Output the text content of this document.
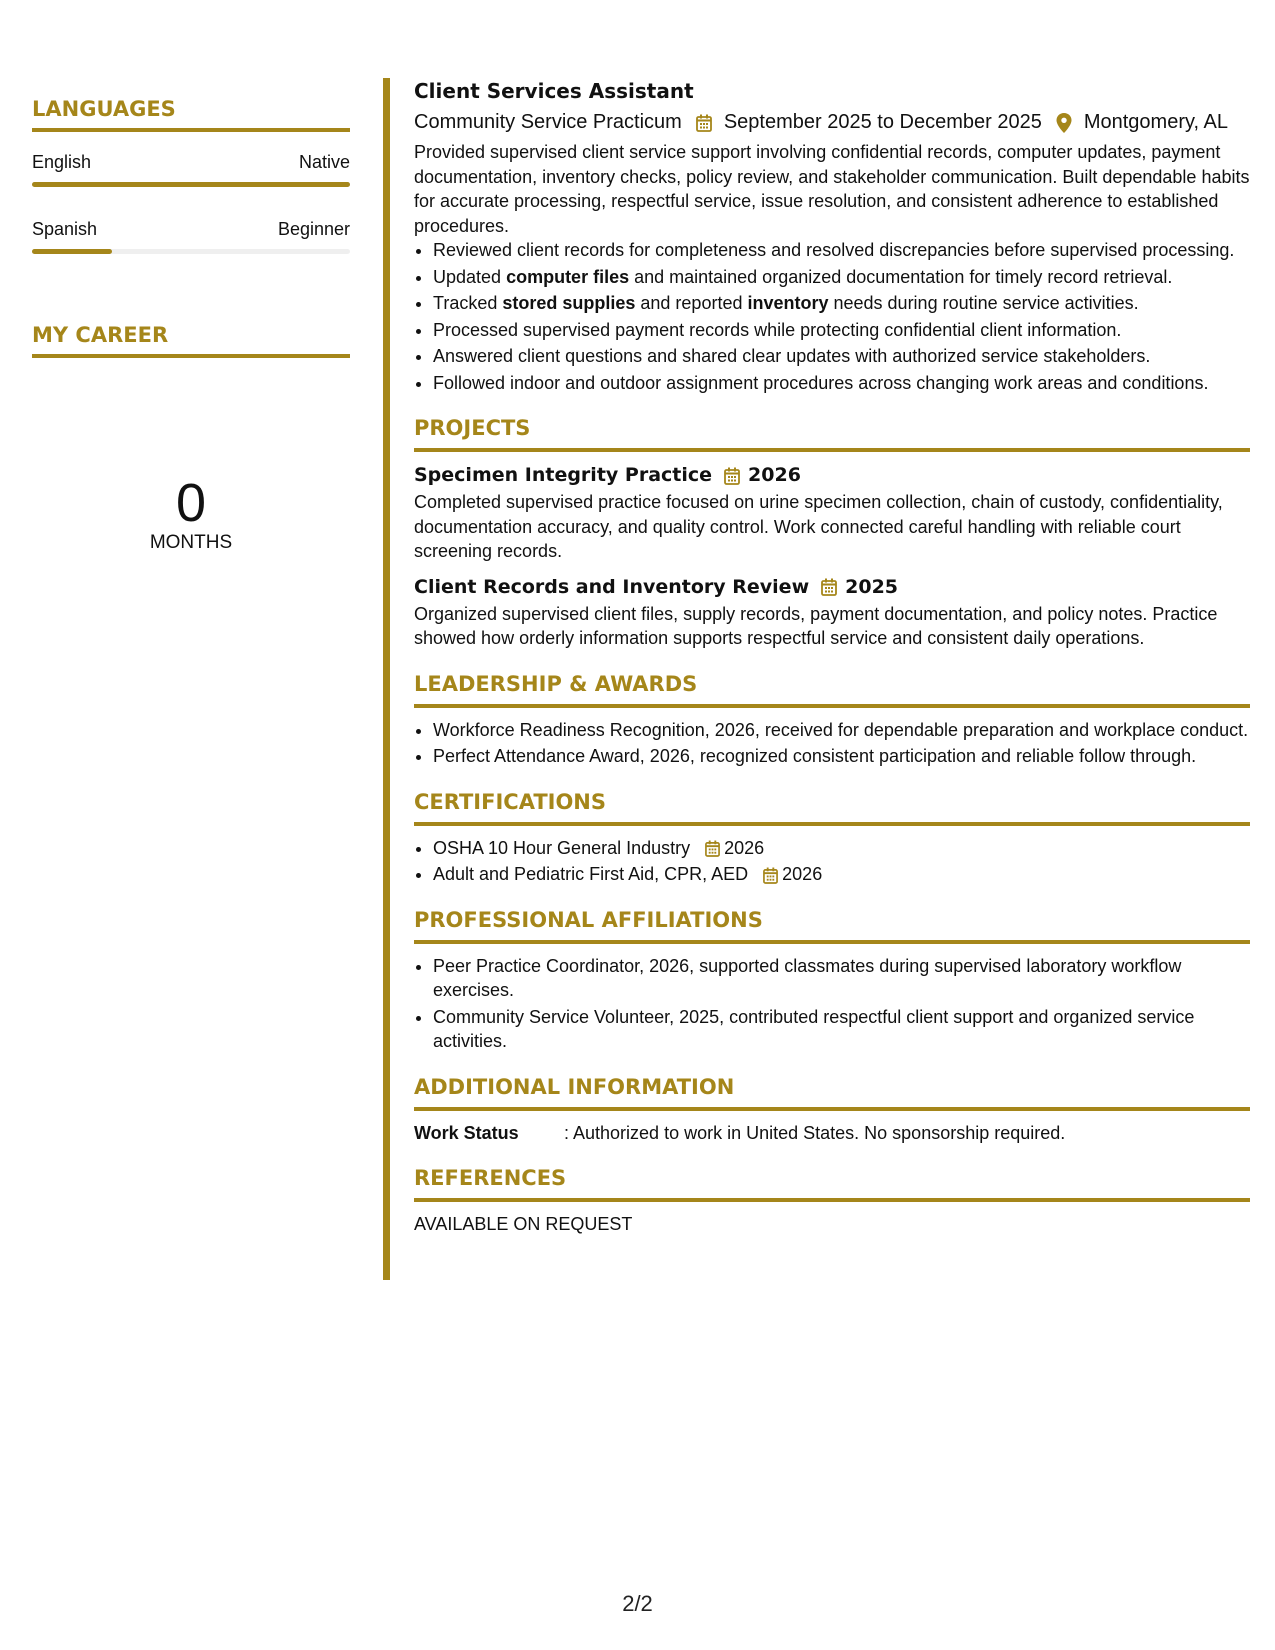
LANGUAGES
English	Native
Spanish	Beginner
MY CAREER
0
MONTHS
Client Services Assistant
Community Service Practicum September 2025 to December 2025 Montgomery, AL

Provided supervised client service support involving confidential records, computer updates, payment documentation, inventory checks, policy review, and stakeholder communication. Built dependable habits for accurate processing, respectful service, issue resolution, and consistent adherence to established procedures.

• Reviewed client records for completeness and resolved discrepancies before supervised processing.
• Updated computer files and maintained organized documentation for timely record retrieval.
• Tracked stored supplies and reported inventory needs during routine service activities.
• Processed supervised payment records while protecting confidential client information.
• Answered client questions and shared clear updates with authorized service stakeholders.
• Followed indoor and outdoor assignment procedures across changing work areas and conditions.
PROJECTS
Specimen Integrity Practice 2026

Completed supervised practice focused on urine specimen collection, chain of custody, confidentiality, documentation accuracy, and quality control. Work connected careful handling with reliable court screening records.

Client Records and Inventory Review 2025

Organized supervised client files, supply records, payment documentation, and policy notes. Practice showed how orderly information supports respectful service and consistent daily operations.

LEADERSHIP & AWARDS
• Workforce Readiness Recognition, 2026, received for dependable preparation and workplace conduct.
• Perfect Attendance Award, 2026, recognized consistent participation and reliable follow through.
CERTIFICATIONS
• OSHA 10 Hour General Industry 2026
• Adult and Pediatric First Aid, CPR, AED 2026
PROFESSIONAL AFFILIATIONS
• Peer Practice Coordinator, 2026, supported classmates during supervised laboratory workflow exercises.
• Community Service Volunteer, 2025, contributed respectful client support and organized service activities.
ADDITIONAL INFORMATION
Work Status	: Authorized to work in United States. No sponsorship required.
REFERENCES
AVAILABLE ON REQUEST
2/2
